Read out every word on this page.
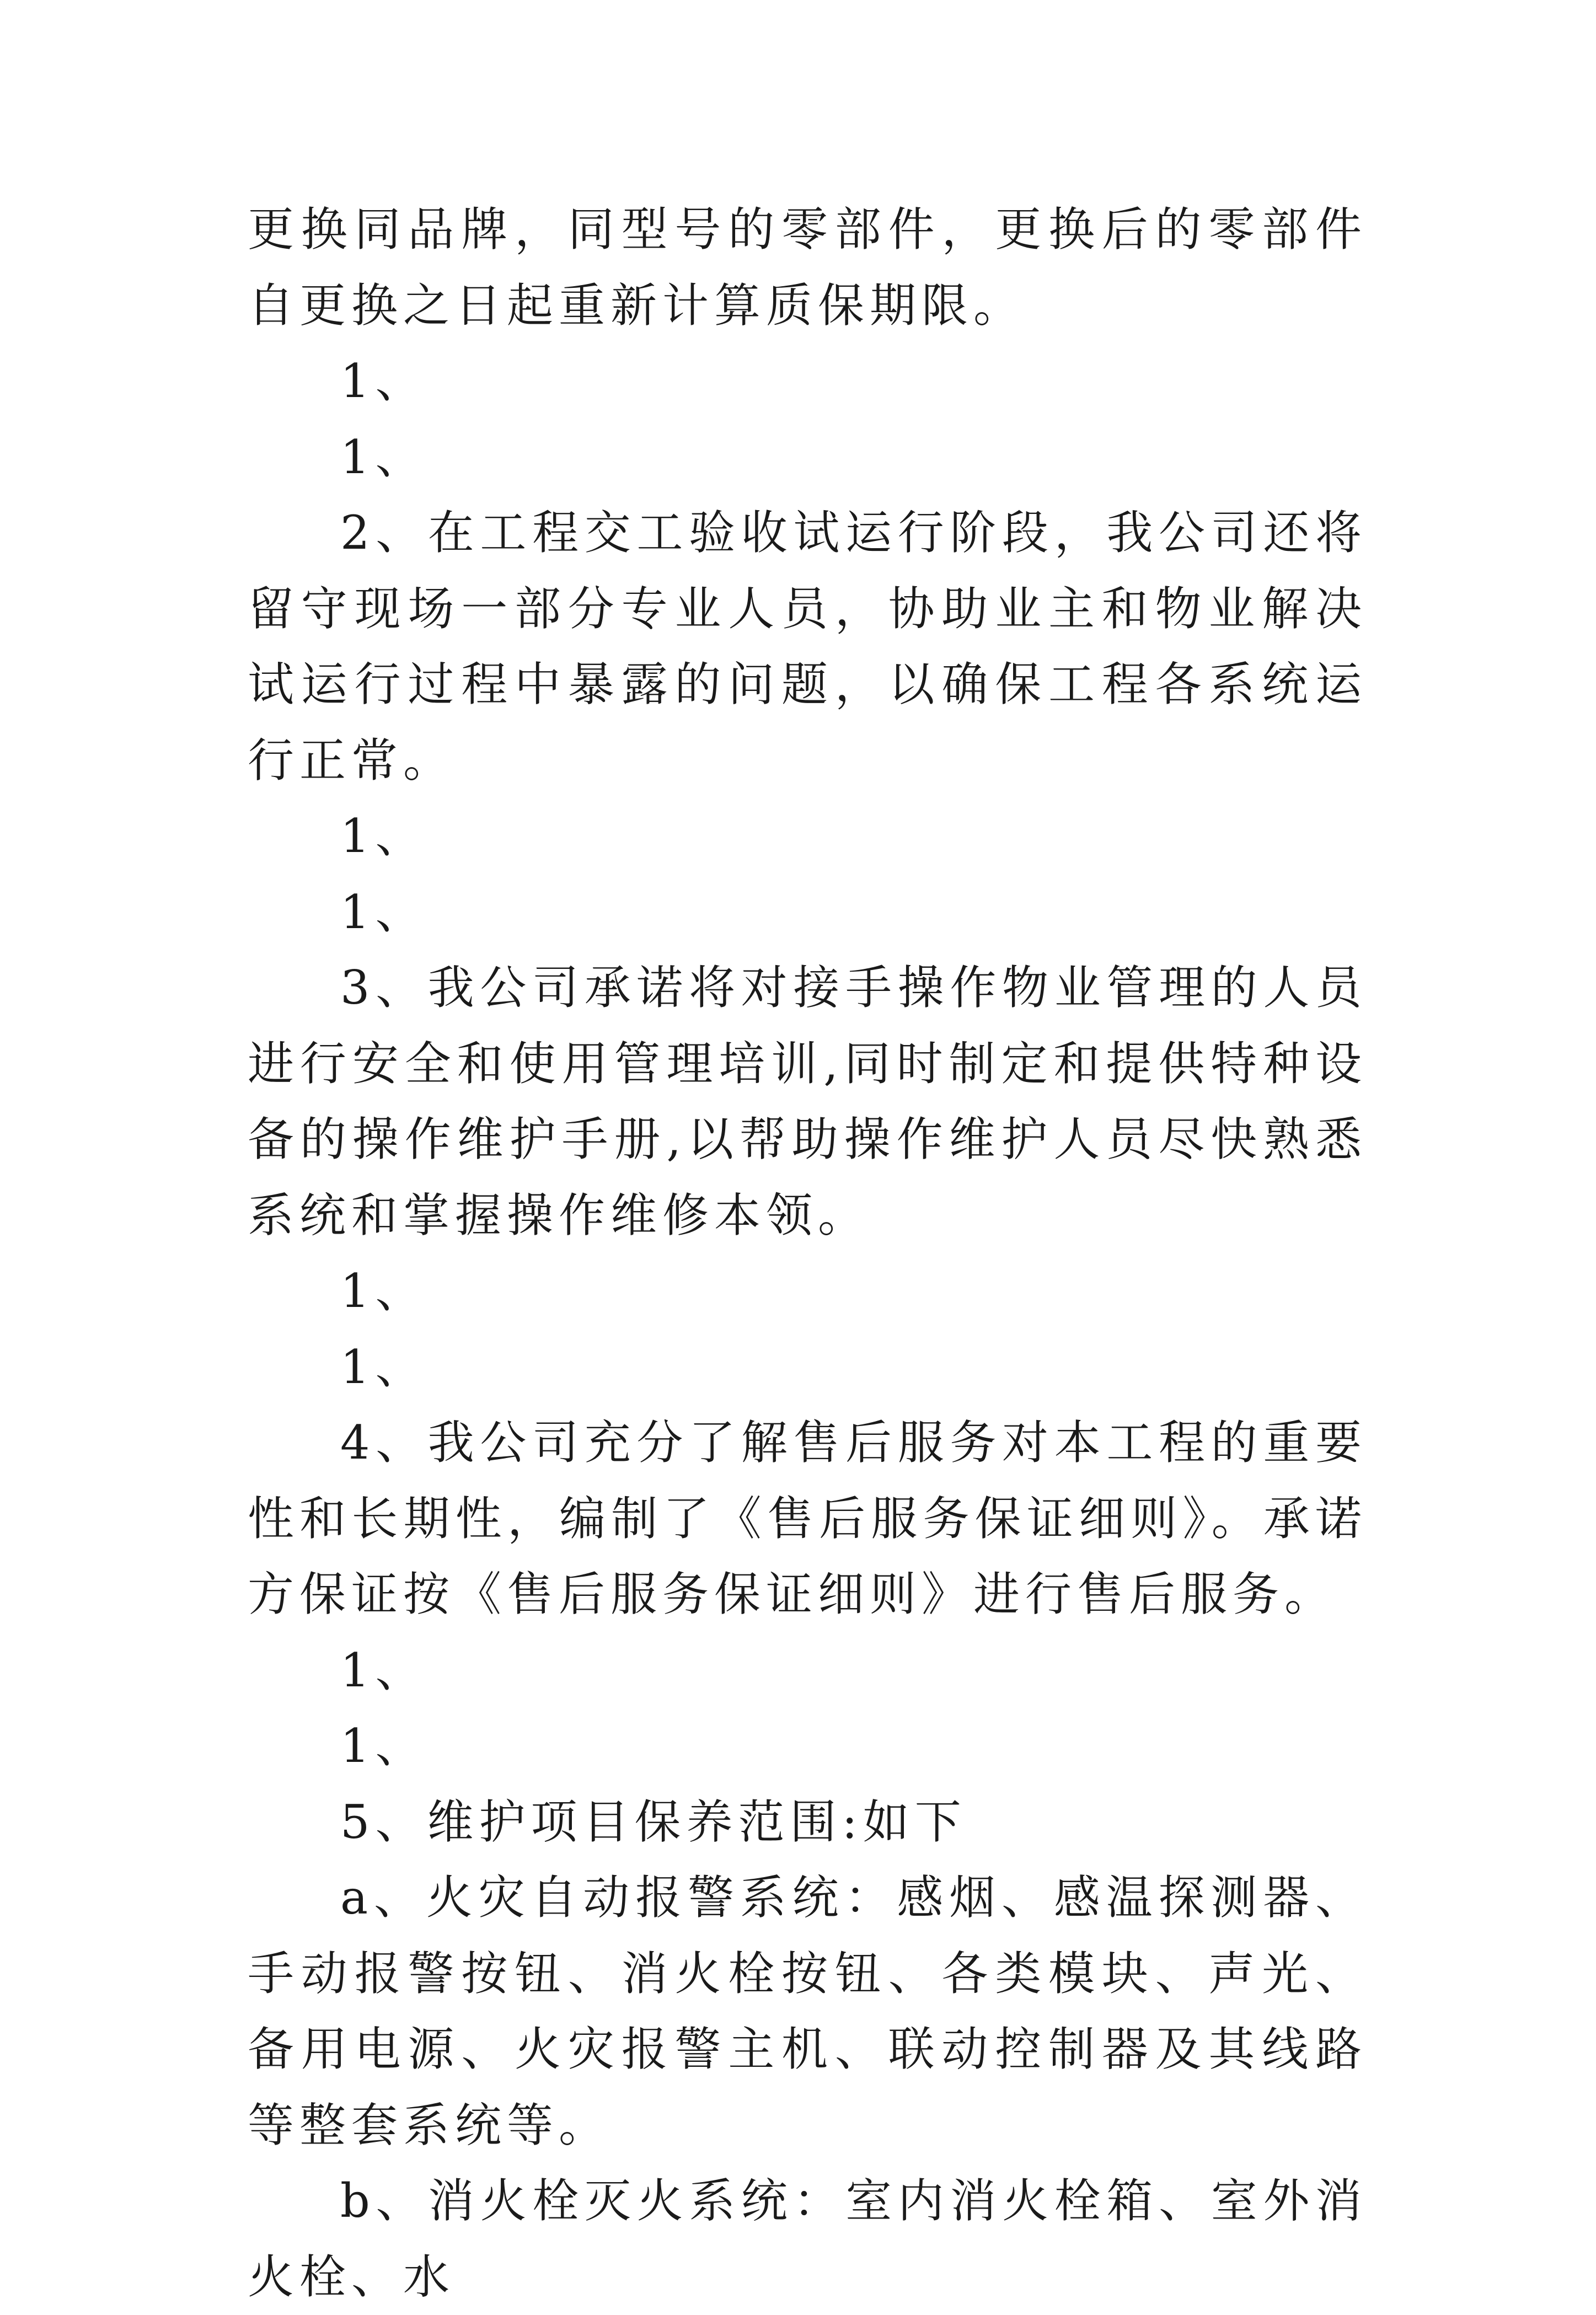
更换同品牌，同型号的零部件，更换后的零部件自更换之日起重新计算质保期限。

1、

1、

2、在工程交工验收试运行阶段，我公司还将留守现场一部分专业人员，协助业主和物业解决试运行过程中暴露的问题，以确保工程各系统运行正常。

1、

1、

3、我公司承诺将对接手操作物业管理的人员进行安全和使用管理培训,同时制定和提供特种设备的操作维护手册,以帮助操作维护人员尽快熟悉系统和掌握操作维修本领。

1、

1、

4、我公司充分了解售后服务对本工程的重要性和长期性，编制了《售后服务保证细则》。承诺方保证按《售后服务保证细则》进行售后服务。

1、

1、

5、维护项目保养范围:如下

a、火灾自动报警系统：感烟、感温探测器、手动报警按钮、消火栓按钮、各类模块、声光、备用电源、火灾报警主机、联动控制器及其线路等整套系统等。

b、消火栓灭火系统：室内消火栓箱、室外消火栓、水
